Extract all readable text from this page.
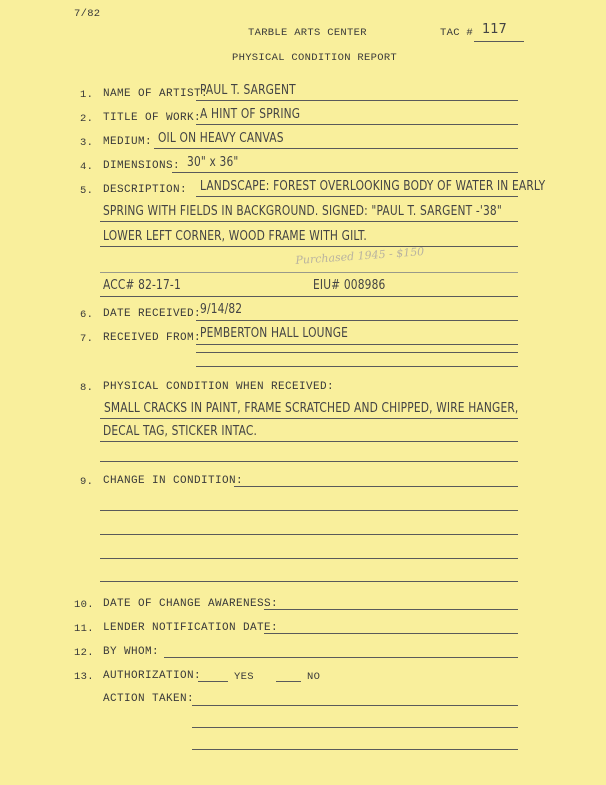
7/82
TARBLE ARTS CENTER	TAC # 117
PHYSICAL CONDITION REPORT
1. NAME OF ARTIST:
PAUL T. SARGENT
2. TITLE OF WORK:
A HINT OF SPRING
3. MEDIUM: OIL ON HEAVY CANVAS
4. DIMENSIONS: 30" x 36"
5. DESCRIPTION: LANDSCAPE: FOREST OVERLOOKING BODY OF WATER IN EARLY
SPRING WITH FIELDS IN BACKGROUND. SIGNED: "PAUL T. SARGENT -'38"
LOWER LEFT CORNER, WOOD FRAME WITH GILT.
Purchased 1945 - $150
ACC# 82-17-1	EIU# 008986
6. DATE RECEIVED:
9/14/82
7. RECEIVED FROM:
PEMBERTON HALL LOUNGE
8. PHYSICAL CONDITION WHEN RECEIVED:
SMALL CRACKS IN PAINT, FRAME SCRATCHED AND CHIPPED, WIRE HANGER,
DECAL TAG, STICKER INTAC.
9. CHANGE IN CONDITION:
10. DATE OF CHANGE AWARENESS:
11. LENDER NOTIFICATION DATE:
12. BY WHOM:
13. AUTHORIZATION:	YES	NO
ACTION TAKEN:
